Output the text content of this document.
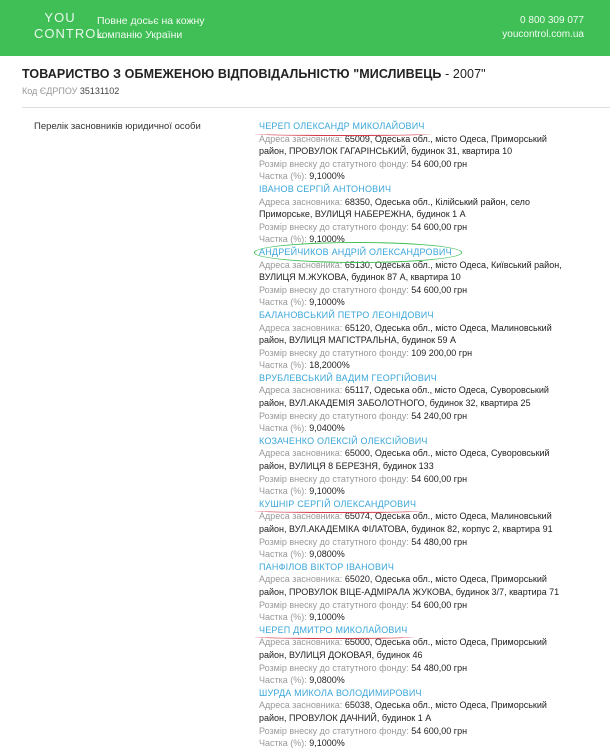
YOU
CONTROL
Повне досьє на кожну
компанію України
0 800 309 077
youcontrol.com.ua
ТОВАРИСТВО З ОБМЕЖЕНОЮ ВІДПОВІДАЛЬНІСТЮ "МИСЛИВЕЦЬ - 2007"
Код ЄДРПОУ 35131102
Перелік засновників юридичної особи	ЧЕРЕП ОЛЕКСАНДР МИКОЛАЙОВИЧ
Адреса засновника: 65009, Одеська обл., місто Одеса, Приморський
район, ПРОВУЛОК ГАГАРІНСЬКИЙ, будинок 31, квартира 10
Розмір внеску до статутного фонду: 54 600,00 грн
Частка (%): 9,1000%
ІВАНОВ СЕРГІЙ АНТОНОВИЧ
Адреса засновника: 68350, Одеська обл., Кілійський район, село
Приморське, ВУЛИЦЯ НАБЕРЕЖНА, будинок 1 А
Розмір внеску до статутного фонду: 54 600,00 грн
Частка (%): 9,1000%
АНДРЕЙЧИКОВ АНДРІЙ ОЛЕКСАНДРОВИЧ
Адреса засновника: 65130, Одеська обл., місто Одеса, Київський район,
ВУЛИЦЯ М.ЖУКОВА, будинок 87 А, квартира 10
Розмір внеску до статутного фонду: 54 600,00 грн
Частка (%): 9,1000%
БАЛАНОВСЬКИЙ ПЕТРО ЛЕОНІДОВИЧ
Адреса засновника: 65120, Одеська обл., місто Одеса, Малиновський
район, ВУЛИЦЯ МАГІСТРАЛЬНА, будинок 59 А
Розмір внеску до статутного фонду: 109 200,00 грн
Частка (%): 18,2000%
ВРУБЛЕВСЬКИЙ ВАДИМ ГЕОРГІЙОВИЧ
Адреса засновника: 65117, Одеська обл., місто Одеса, Суворовський
район, ВУЛ.АКАДЕМІЯ ЗАБОЛОТНОГО, будинок 32, квартира 25
Розмір внеску до статутного фонду: 54 240,00 грн
Частка (%): 9,0400%
КОЗАЧЕНКО ОЛЕКСІЙ ОЛЕКСІЙОВИЧ
Адреса засновника: 65000, Одеська обл., місто Одеса, Суворовський
район, ВУЛИЦЯ 8 БЕРЕЗНЯ, будинок 133
Розмір внеску до статутного фонду: 54 600,00 грн
Частка (%): 9,1000%
КУШНІР СЕРГІЙ ОЛЕКСАНДРОВИЧ
Адреса засновника: 65074, Одеська обл., місто Одеса, Малиновський
район, ВУЛ.АКАДЕМІКА ФІЛАТОВА, будинок 82, корпус 2, квартира 91
Розмір внеску до статутного фонду: 54 480,00 грн
Частка (%): 9,0800%
ПАНФІЛОВ ВІКТОР ІВАНОВИЧ
Адреса засновника: 65020, Одеська обл., місто Одеса, Приморський
район, ПРОВУЛОК ВІЦЕ-АДМІРАЛА ЖУКОВА, будинок 3/7, квартира 71
Розмір внеску до статутного фонду: 54 600,00 грн
Частка (%): 9,1000%
ЧЕРЕП ДМИТРО МИКОЛАЙОВИЧ
Адреса засновника: 65000, Одеська обл., місто Одеса, Приморський
район, ВУЛИЦЯ ДОКОВАЯ, будинок 46
Розмір внеску до статутного фонду: 54 480,00 грн
Частка (%): 9,0800%
ШУРДА МИКОЛА ВОЛОДИМИРОВИЧ
Адреса засновника: 65038, Одеська обл., місто Одеса, Приморський
район, ПРОВУЛОК ДАЧНИЙ, будинок 1 А
Розмір внеску до статутного фонду: 54 600,00 грн
Частка (%): 9,1000%
